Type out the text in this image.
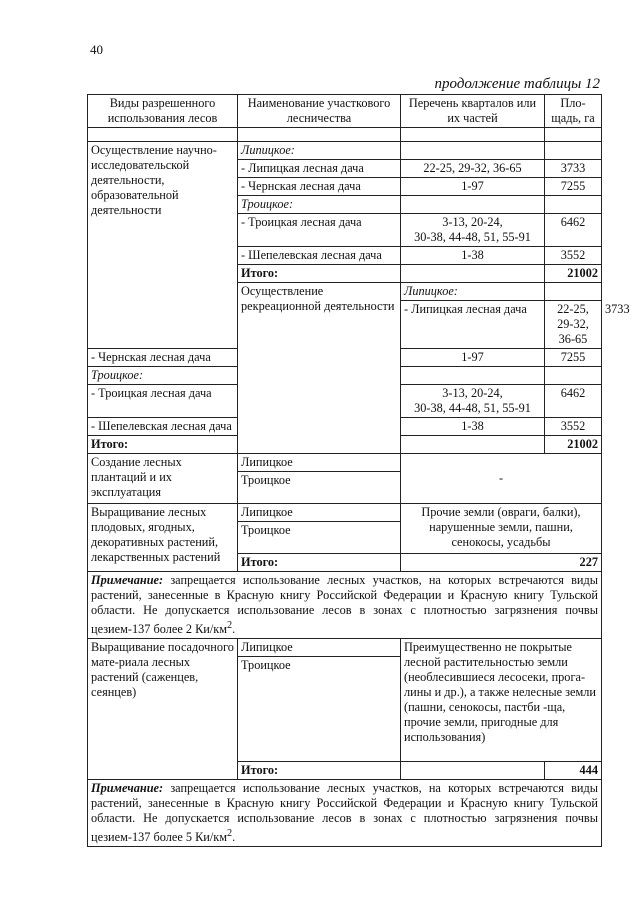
40
продолжение таблицы 12
Виды разрешенного использования лесов	Наименование участкового лесничества	Перечень кварталов или их частей	Пло-щадь, га	

Осуществление научно-исследовательской деятельности, образовательной деятельности	Липицкое:			
	- Липицкая лесная дача	22-25, 29-32, 36-65	3733	
	- Чернская лесная дача	1-97	7255	
	Троицкое:			
	- Троицкая лесная дача	3-13, 20-24,
30-38, 44-48, 51, 55-91	6462	
	- Шепелевская лесная дача	1-38	3552	
	Итого:		21002	
	Осуществление рекреационной деятельности	Липицкое:		
		- Липицкая лесная дача	22-25, 29-32, 36-65	3733
- Чернская лесная дача		1-97	7255	
Троицкое:				
- Троицкая лесная дача		3-13, 20-24,
30-38, 44-48, 51, 55-91	6462	
- Шепелевская лесная дача		1-38	3552	
Итого:			21002	
Создание лесных плантаций и их эксплуатация	Липицкое	-		
	Троицкое			
Выращивание лесных плодовых, ягодных, декоративных растений, лекарственных растений	Липицкое	Прочие земли (овраги, балки), нарушенные земли, пашни, сенокосы, усадьбы		
	Троицкое			
	Итого:	227		
Примечание: запрещается использование лесных участков, на которых встречаются виды растений, занесенные в Красную книгу Российской Федерации и Красную книгу Тульской области. Не допускается использование лесов в зонах с плотностью загрязнения почвы цезием-137 более 2 $Ки/км^2$.				
Выращивание посадочного мате-риала лесных растений (саженцев, сеянцев)	Липицкое	Преимущественно не покрытые лесной растительностью земли (необлесившиеся лесосеки, прога- лины и др.), а также нелесные земли (пашни, сенокосы, пастби -ща, прочие земли, пригодные для использования)		
	Троицкое			
	Итого:		444	
Примечание: запрещается использование лесных участков, на которых встречаются виды растений, занесенные в Красную книгу Российской Федерации и Красную книгу Тульской области. Не допускается использование лесов в зонах с плотностью загрязнения почвы цезием-137 более 5 $Ки/км^2$.				
